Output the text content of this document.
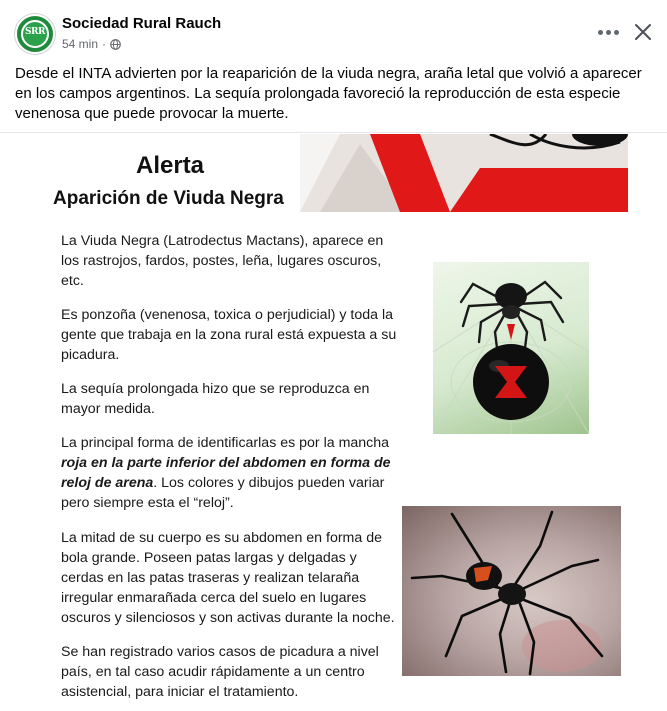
SRR	Sociedad Rural Rauch
54 min ·
Desde el INTA advierten por la reaparición de la viuda negra, araña letal que volvió a aparecer en los campos argentinos. La sequía prolongada favoreció la reproducción de esta especie venenosa que puede provocar la muerte.
Alerta
Aparición de Viuda Negra
La Viuda Negra (Latrodectus Mactans), aparece en los rastrojos, fardos, postes, leña, lugares oscuros, etc.
Es ponzoña (venenosa, toxica o perjudicial) y toda la gente que trabaja en la zona rural está expuesta a su picadura.
La sequía prolongada hizo que se reproduzca en mayor medida.
La principal forma de identificarlas es por la mancha roja en la parte inferior del abdomen en forma de reloj de arena. Los colores y dibujos pueden variar pero siempre esta el “reloj”.
La mitad de su cuerpo es su abdomen en forma de bola grande. Poseen patas largas y delgadas y cerdas en las patas traseras y realizan telaraña irregular enmarañada cerca del suelo en lugares oscuros y silenciosos y son activas durante la noche.
Se han registrado varios casos de picadura a nivel país, en tal caso acudir rápidamente a un centro asistencial, para iniciar el tratamiento.
